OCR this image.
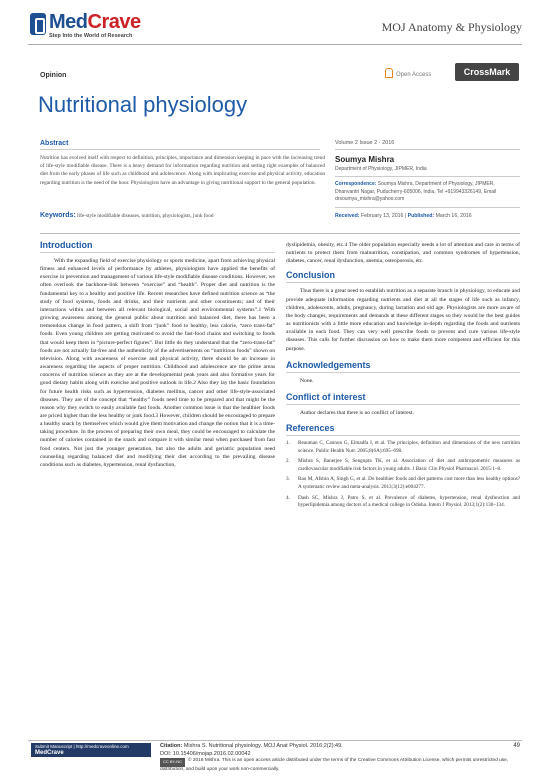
MedCrave
Step Into the World of Research
MOJ Anatomy & Physiology
Opinion	Open Access	CrossMark
Nutritional physiology
Abstract
Nutrition has evolved itself with respect to definition, principles, importance and dimension keeping in pace with the increasing trend of life-style modifiable disease. There is a heavy demand for information regarding nutrition and setting right examples of balanced diet from the early phases of life such as childhood and adolescence. Along with implicating exercise and physical activity, education regarding nutrition is the need of the hour. Physiologists have an advantage in giving nutritional support to the general population.
Keywords: life-style modifiable diseases, nutrition, physiologists, junk food
Volume 2 Issue 2 - 2016
Soumya Mishra
Department of Physiology, JIPMER, India
Correspondence: Soumya Mishra, Department of Physiology, JIPMER, Dhanvantri Nagar, Puducherry-605006, India, Tel +919943326149, Email drsoumya_mishra@yahoo.com
Received: February 13, 2016 | Published: March 16, 2016
Introduction

With the expanding field of exercise physiology or sports medicine, apart from achieving physical fitness and enhanced levels of performance by athletes, physiologists have applied the benefits of exercise in prevention and management of various life-style modifiable disease conditions. However, we often overlook the backbone-link between “exercise” and “health”. Proper diet and nutrition is the fundamental key to a healthy and positive life. Recent researches have defined nutrition science as “the study of food systems, foods and drinks, and their nutrients and other constituents; and of their interactions within and between all relevant biological, social and environmental systems”.1 With growing awareness among the general public about nutrition and balanced diet, there has been a tremendous change in food pattern, a shift from “junk” food to healthy, less calorie, “zero trans-fat” foods. Even young children are getting motivated to avoid the fast-food chains and switching to foods that would keep them in “picture-perfect figures”. But little do they understand that the “zero-trans-fat” foods are not actually fat-free and the authenticity of the advertisements on “nutritious foods” shown on television. Along with awareness of exercise and physical activity, there should be an increase in awareness regarding the aspects of proper nutrition. Childhood and adolescence are the prime areas concerns of nutrition science as they are at the developmental peak years and also formative years for good dietary habits along with exercise and positive outlook in life.2 Also they lay the basic foundation for future health risks such as hypertension, diabetes mellitus, cancer and other life-style-associated diseases. They are of the concept that “healthy” foods need time to be prepared and that might be the reason why they switch to easily available fast foods. Another common issue is that the healthier foods are priced higher than the less healthy or junk food.3 However, children should be encouraged to prepare a healthy snack by themselves which would give them motivation and change the notion that it is a time-taking procedure. In the process of preparing their own meal, they could be encouraged to calculate the number of calories contained in the snack and compare it with similar meal when purchased from fast food centers. Not just the younger generation, but also the adults and geriatric population need counseling regarding balanced diet and modifying their diet according to the prevailing disease conditions such as diabetes, hypertension, renal dysfunction,

dyslipidemia, obesity, etc.4 The older population especially needs a lot of attention and care in terms of nutrients to protect them from malnutrition, constipation, and common syndromes of hypertension, diabetes, cancer, renal dysfunction, anemia, osteoporosis, etc.

Conclusion

Thus there is a great need to establish nutrition as a separate branch in physiology, to educate and provide adequate information regarding nutrients and diet at all the stages of life such as infancy, children, adolescents, adults, pregnancy, during lactation and old age. Physiologists are more aware of the body changes, requirements and demands at these different stages so they would be the best guides as nutritionists with a little more education and knowledge in-depth regarding the foods and nutrients available in each food. They can very well prescribe foods to prevent and cure various life-style diseases. This calls for further discussion on how to make them more competent and efficient for this purpose.

Acknowledgements

None.

Conflict of interest

Author declares that there is no conflict of interest.

References
1. Beauman C, Cannon G, Elmadfa I, et al. The principles, definition and dimensions of the new nutrition science. Public Health Nutr. 2005;8(6A):695–698.
2. Mishra S, Banerjee S, Sengupta TK, et al. Association of diet and anthropometric measures as cardiovascular modifiable risk factors in young adults. J Basic Clin Physiol Pharmacol. 2015:1–8.
3. Rao M, Afshin A, Singh G, et al. Do healthier foods and diet patterns cost more than less healthy options? A systematic review and meta-analysis. 2013;3(12):e004277.
4. Dash SC, Mishra J, Patro S, et al. Prevalence of diabetes, hypertension, renal dysfunction and hyperlipidemia among doctors of a medical college in Odisha. Intern J Physiol. 2013;1(2):130–134.
Submit Manuscript | http://medcraveonline.com
MedCrave
Citation: Mishra S. Nutritional physiology. MOJ Anat Physiol. 2016;2(2):49.
DOI: 10.15406/mojap.2016.02.00042
49
CC BY-NC © 2016 Mishra. This is an open access article distributed under the terms of the Creative Commons Attribution License, which permits unrestricted use, distribution, and build upon your work non-commercially.
